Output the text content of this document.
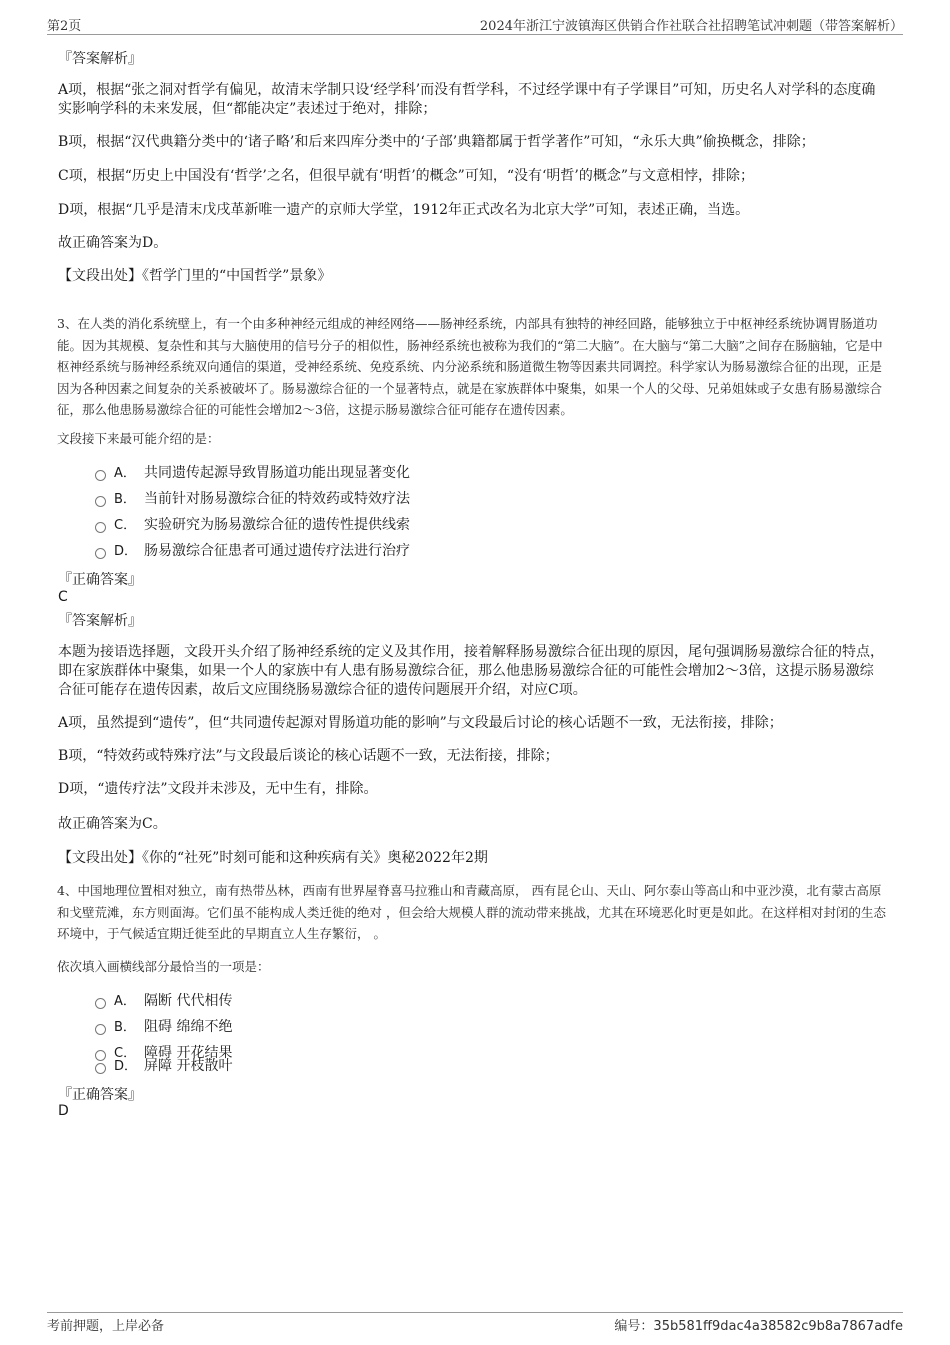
第2页	2024年浙江宁波镇海区供销合作社联合社招聘笔试冲刺题（带答案解析）
『答案解析』
A项，根据“张之洞对哲学有偏见，故清末学制只设‘经学科’而没有哲学科，不过经学课中有子学课目”可知，历史名人对学科的态度确实影响学科的未来发展，但“都能决定”表述过于绝对，排除；
B项，根据“汉代典籍分类中的‘诸子略’和后来四库分类中的‘子部’典籍都属于哲学著作”可知，“永乐大典”偷换概念，排除；
C项，根据“历史上中国没有‘哲学’之名，但很早就有‘明哲’的概念”可知，“没有‘明哲’的概念”与文意相悖，排除；
D项，根据“几乎是清末戊戌革新唯一遗产的京师大学堂，1912年正式改名为北京大学”可知，表述正确，当选。
故正确答案为D。
【文段出处】《哲学门里的“中国哲学”景象》
3、在人类的消化系统壁上，有一个由多种神经元组成的神经网络——肠神经系统，内部具有独特的神经回路，能够独立于中枢神经系统协调胃肠道功能。因为其规模、复杂性和其与大脑使用的信号分子的相似性，肠神经系统也被称为我们的“第二大脑”。在大脑与“第二大脑”之间存在肠脑轴，它是中枢神经系统与肠神经系统双向通信的渠道，受神经系统、免疫系统、内分泌系统和肠道微生物等因素共同调控。科学家认为肠易激综合征的出现，正是因为各种因素之间复杂的关系被破坏了。肠易激综合征的一个显著特点，就是在家族群体中聚集，如果一个人的父母、兄弟姐妹或子女患有肠易激综合征，那么他患肠易激综合征的可能性会增加2～3倍，这提示肠易激综合征可能存在遗传因素。
文段接下来最可能介绍的是：
A． 共同遗传起源导致胃肠道功能出现显著变化
B． 当前针对肠易激综合征的特效药或特效疗法
C． 实验研究为肠易激综合征的遗传性提供线索
D． 肠易激综合征患者可通过遗传疗法进行治疗
『正确答案』
C
『答案解析』
本题为接语选择题，文段开头介绍了肠神经系统的定义及其作用，接着解释肠易激综合征出现的原因，尾句强调肠易激综合征的特点，即在家族群体中聚集，如果一个人的家族中有人患有肠易激综合征，那么他患肠易激综合征的可能性会增加2～3倍，这提示肠易激综合征可能存在遗传因素，故后文应围绕肠易激综合征的遗传问题展开介绍，对应C项。
A项，虽然提到“遗传”，但“共同遗传起源对胃肠道功能的影响”与文段最后讨论的核心话题不一致，无法衔接，排除；
B项，“特效药或特殊疗法”与文段最后谈论的核心话题不一致，无法衔接，排除；
D项，“遗传疗法”文段并未涉及，无中生有，排除。
故正确答案为C。
【文段出处】《你的“社死”时刻可能和这种疾病有关》奥秘2022年2期
4、中国地理位置相对独立，南有热带丛林，西南有世界屋脊喜马拉雅山和青藏高原， 西有昆仑山、天山、阿尔泰山等高山和中亚沙漠，北有蒙古高原和戈壁荒滩，东方则面海。它们虽不能构成人类迁徙的绝对 ，但会给大规模人群的流动带来挑战，尤其在环境恶化时更是如此。在这样相对封闭的生态环境中，于气候适宜期迁徙至此的早期直立人生存繁衍， 。
依次填入画横线部分最恰当的一项是：
A． 隔断 代代相传
B． 阻碍 绵绵不绝
C． 障碍 开花结果
D． 屏障 开枝散叶
『正确答案』
D
考前押题，上岸必备	编号：35b581ff9dac4a38582c9b8a7867adfe
